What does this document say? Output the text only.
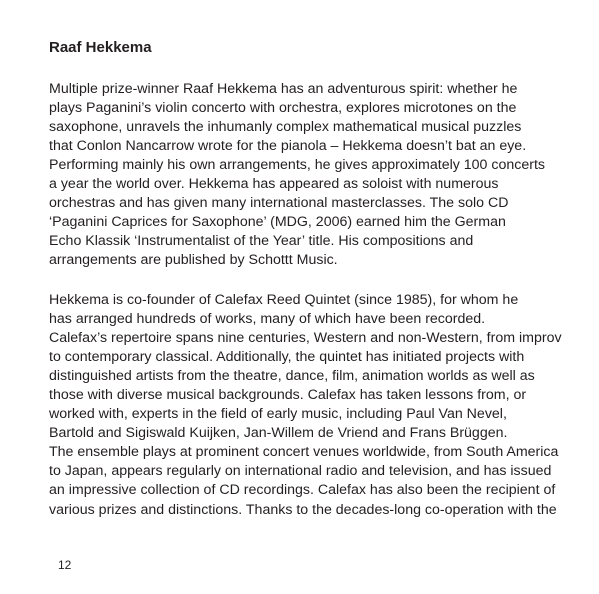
Raaf Hekkema
Multiple prize-winner Raaf Hekkema has an adventurous spirit: whether he
plays Paganini’s violin concerto with orchestra, explores microtones on the
saxophone, unravels the inhumanly complex mathematical musical puzzles
that Conlon Nancarrow wrote for the pianola – Hekkema doesn’t bat an eye.
Performing mainly his own arrangements, he gives approximately 100 concerts
a year the world over. Hekkema has appeared as soloist with numerous
orchestras and has given many international masterclasses. The solo CD
‘Paganini Caprices for Saxophone’ (MDG, 2006) earned him the German
Echo Klassik ‘Instrumentalist of the Year’ title. His compositions and
arrangements are published by Schottt Music.
Hekkema is co-founder of Calefax Reed Quintet (since 1985), for whom he
has arranged hundreds of works, many of which have been recorded.
Calefax’s repertoire spans nine centuries, Western and non-Western, from improv
to contemporary classical. Additionally, the quintet has initiated projects with
distinguished artists from the theatre, dance, film, animation worlds as well as
those with diverse musical backgrounds. Calefax has taken lessons from, or
worked with, experts in the field of early music, including Paul Van Nevel,
Bartold and Sigiswald Kuijken, Jan-Willem de Vriend and Frans Brüggen.
The ensemble plays at prominent concert venues worldwide, from South America
to Japan, appears regularly on international radio and television, and has issued
an impressive collection of CD recordings. Calefax has also been the recipient of
various prizes and distinctions. Thanks to the decades-long co-operation with the
12
